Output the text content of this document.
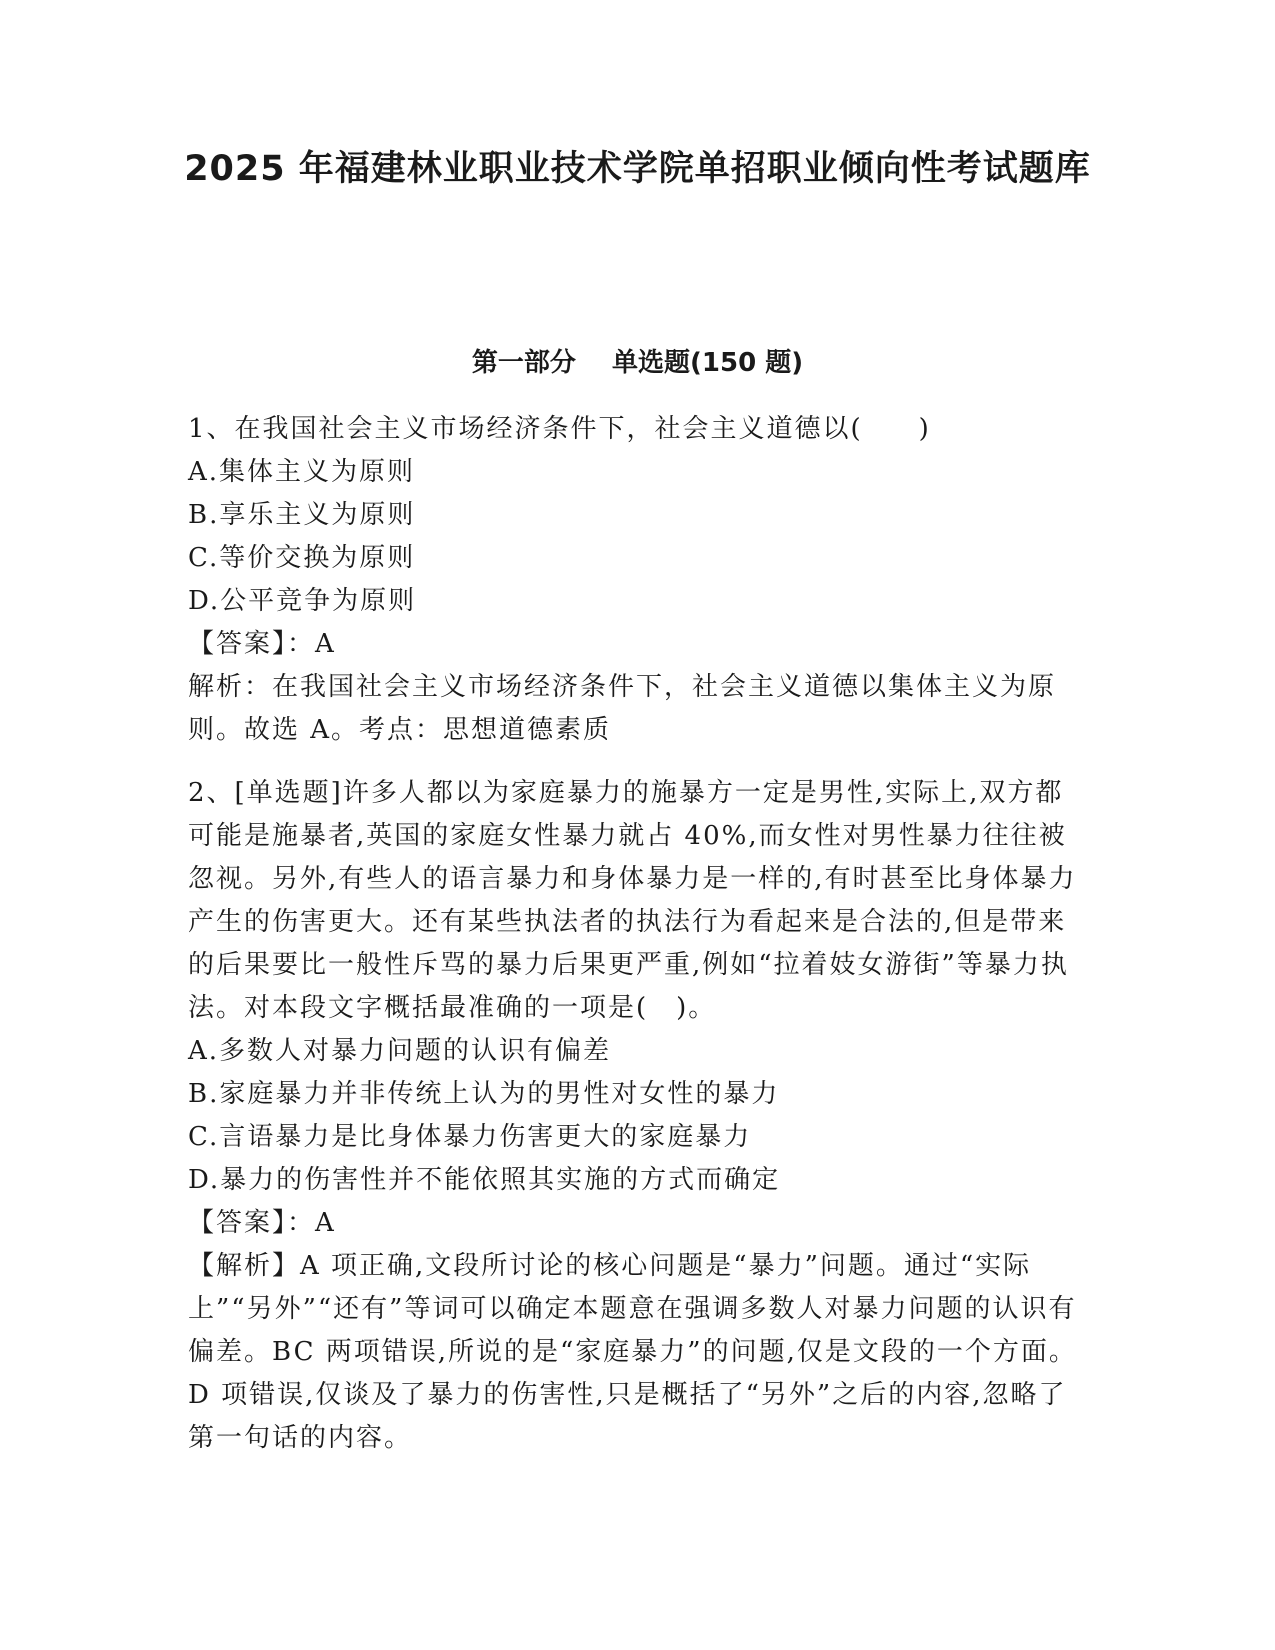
2025 年福建林业职业技术学院单招职业倾向性考试题库
第一部分    单选题(150 题)

1、在我国社会主义市场经济条件下，社会主义道德以(　　)

A.集体主义为原则

B.享乐主义为原则

C.等价交换为原则

D.公平竞争为原则

【答案】：A

解析：在我国社会主义市场经济条件下，社会主义道德以集体主义为原则。故选 A。考点：思想道德素质

2、[单选题]许多人都以为家庭暴力的施暴方一定是男性,实际上,双方都可能是施暴者,英国的家庭女性暴力就占 40%,而女性对男性暴力往往被忽视。另外,有些人的语言暴力和身体暴力是一样的,有时甚至比身体暴力产生的伤害更大。还有某些执法者的执法行为看起来是合法的,但是带来的后果要比一般性斥骂的暴力后果更严重,例如“拉着妓女游街”等暴力执法。对本段文字概括最准确的一项是(　)。

A.多数人对暴力问题的认识有偏差

B.家庭暴力并非传统上认为的男性对女性的暴力

C.言语暴力是比身体暴力伤害更大的家庭暴力

D.暴力的伤害性并不能依照其实施的方式而确定

【答案】：A

【解析】A 项正确,文段所讨论的核心问题是“暴力”问题。通过“实际上”“另外”“还有”等词可以确定本题意在强调多数人对暴力问题的认识有偏差。BC 两项错误,所说的是“家庭暴力”的问题,仅是文段的一个方面。D 项错误,仅谈及了暴力的伤害性,只是概括了“另外”之后的内容,忽略了第一句话的内容。
